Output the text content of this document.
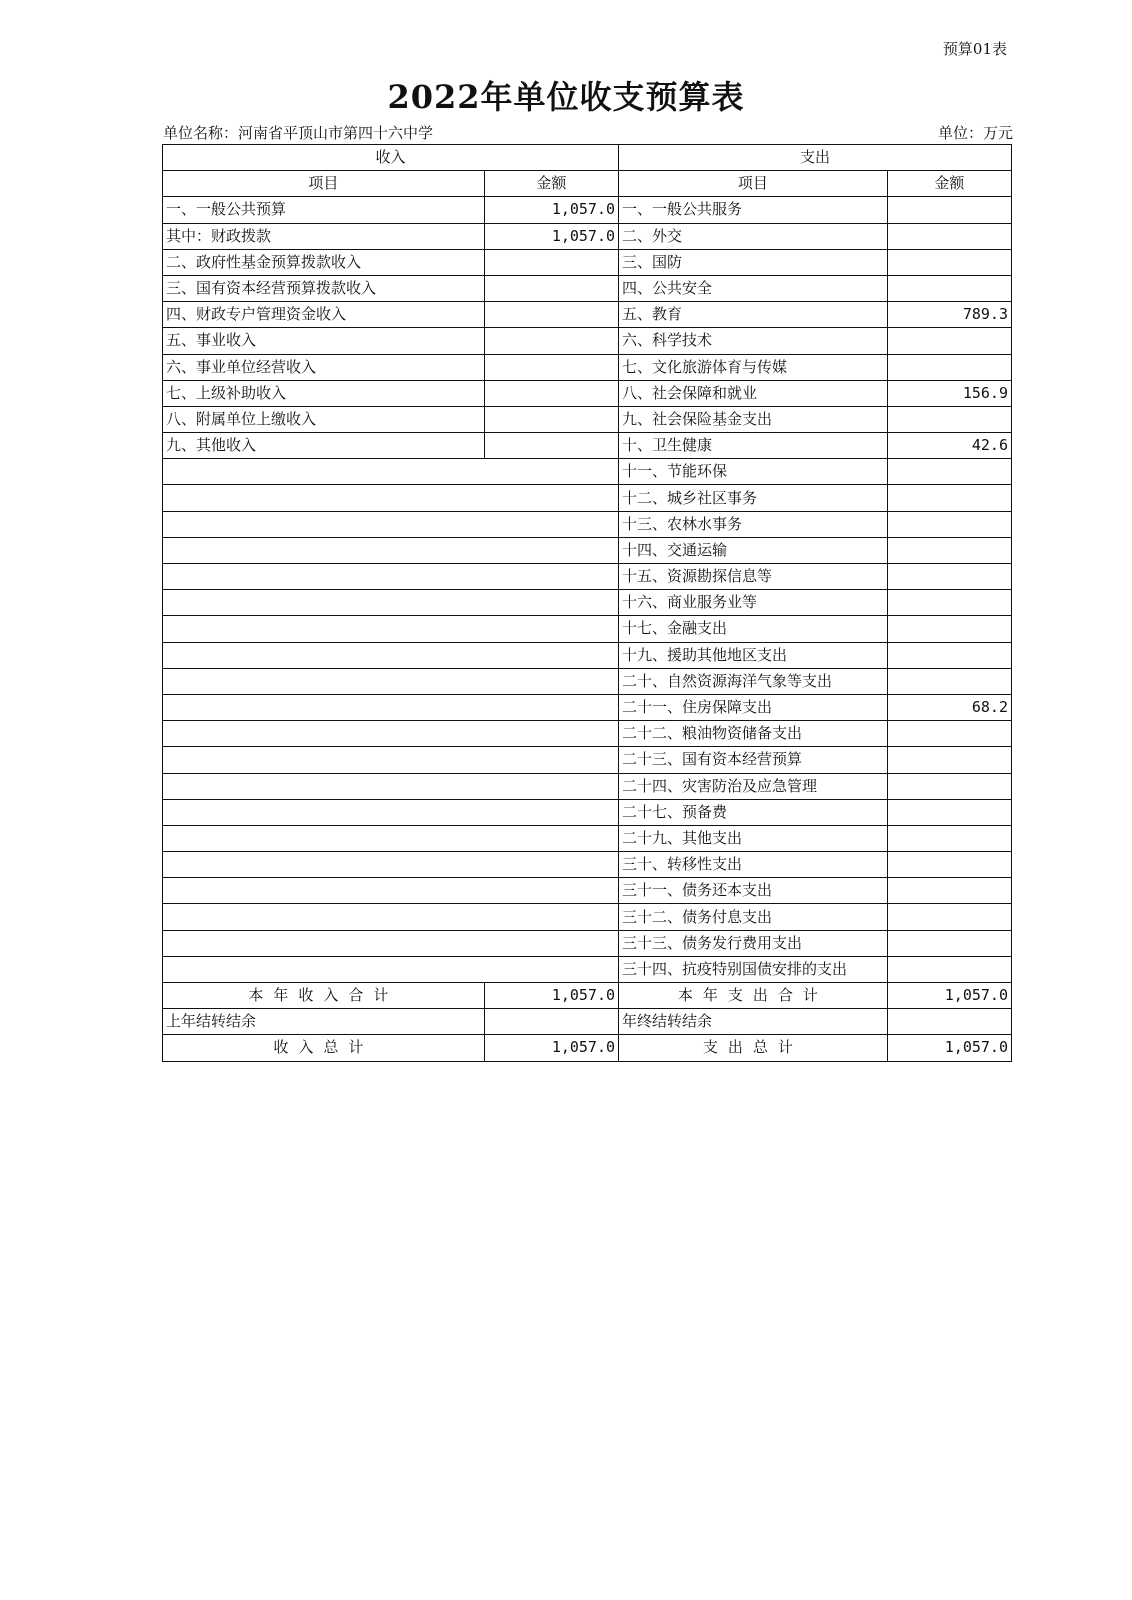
预算01表
2022年单位收支预算表
单位名称：河南省平顶山市第四十六中学	单位：万元
收入		支出	
项目	金额	项目	金额
一、一般公共预算	1,057.0	一、一般公共服务	
其中：财政拨款	1,057.0	二、外交	
二、政府性基金预算拨款收入		三、国防	
三、国有资本经营预算拨款收入		四、公共安全	
四、财政专户管理资金收入		五、教育	789.3
五、事业收入		六、科学技术	
六、事业单位经营收入		七、文化旅游体育与传媒	
七、上级补助收入		八、社会保障和就业	156.9
八、附属单位上缴收入		九、社会保险基金支出	
九、其他收入		十、卫生健康	42.6
		十一、节能环保	
		十二、城乡社区事务	
		十三、农林水事务	
		十四、交通运输	
		十五、资源勘探信息等	
		十六、商业服务业等	
		十七、金融支出	
		十九、援助其他地区支出	
		二十、自然资源海洋气象等支出	
		二十一、住房保障支出	68.2
		二十二、粮油物资储备支出	
		二十三、国有资本经营预算	
		二十四、灾害防治及应急管理	
		二十七、预备费	
		二十九、其他支出	
		三十、转移性支出	
		三十一、债务还本支出	
		三十二、债务付息支出	
		三十三、债务发行费用支出	
		三十四、抗疫特别国债安排的支出	
本年收入合计	1,057.0	本年支出合计	1,057.0
上年结转结余		年终结转结余	
收入总计	1,057.0	支出总计	1,057.0
